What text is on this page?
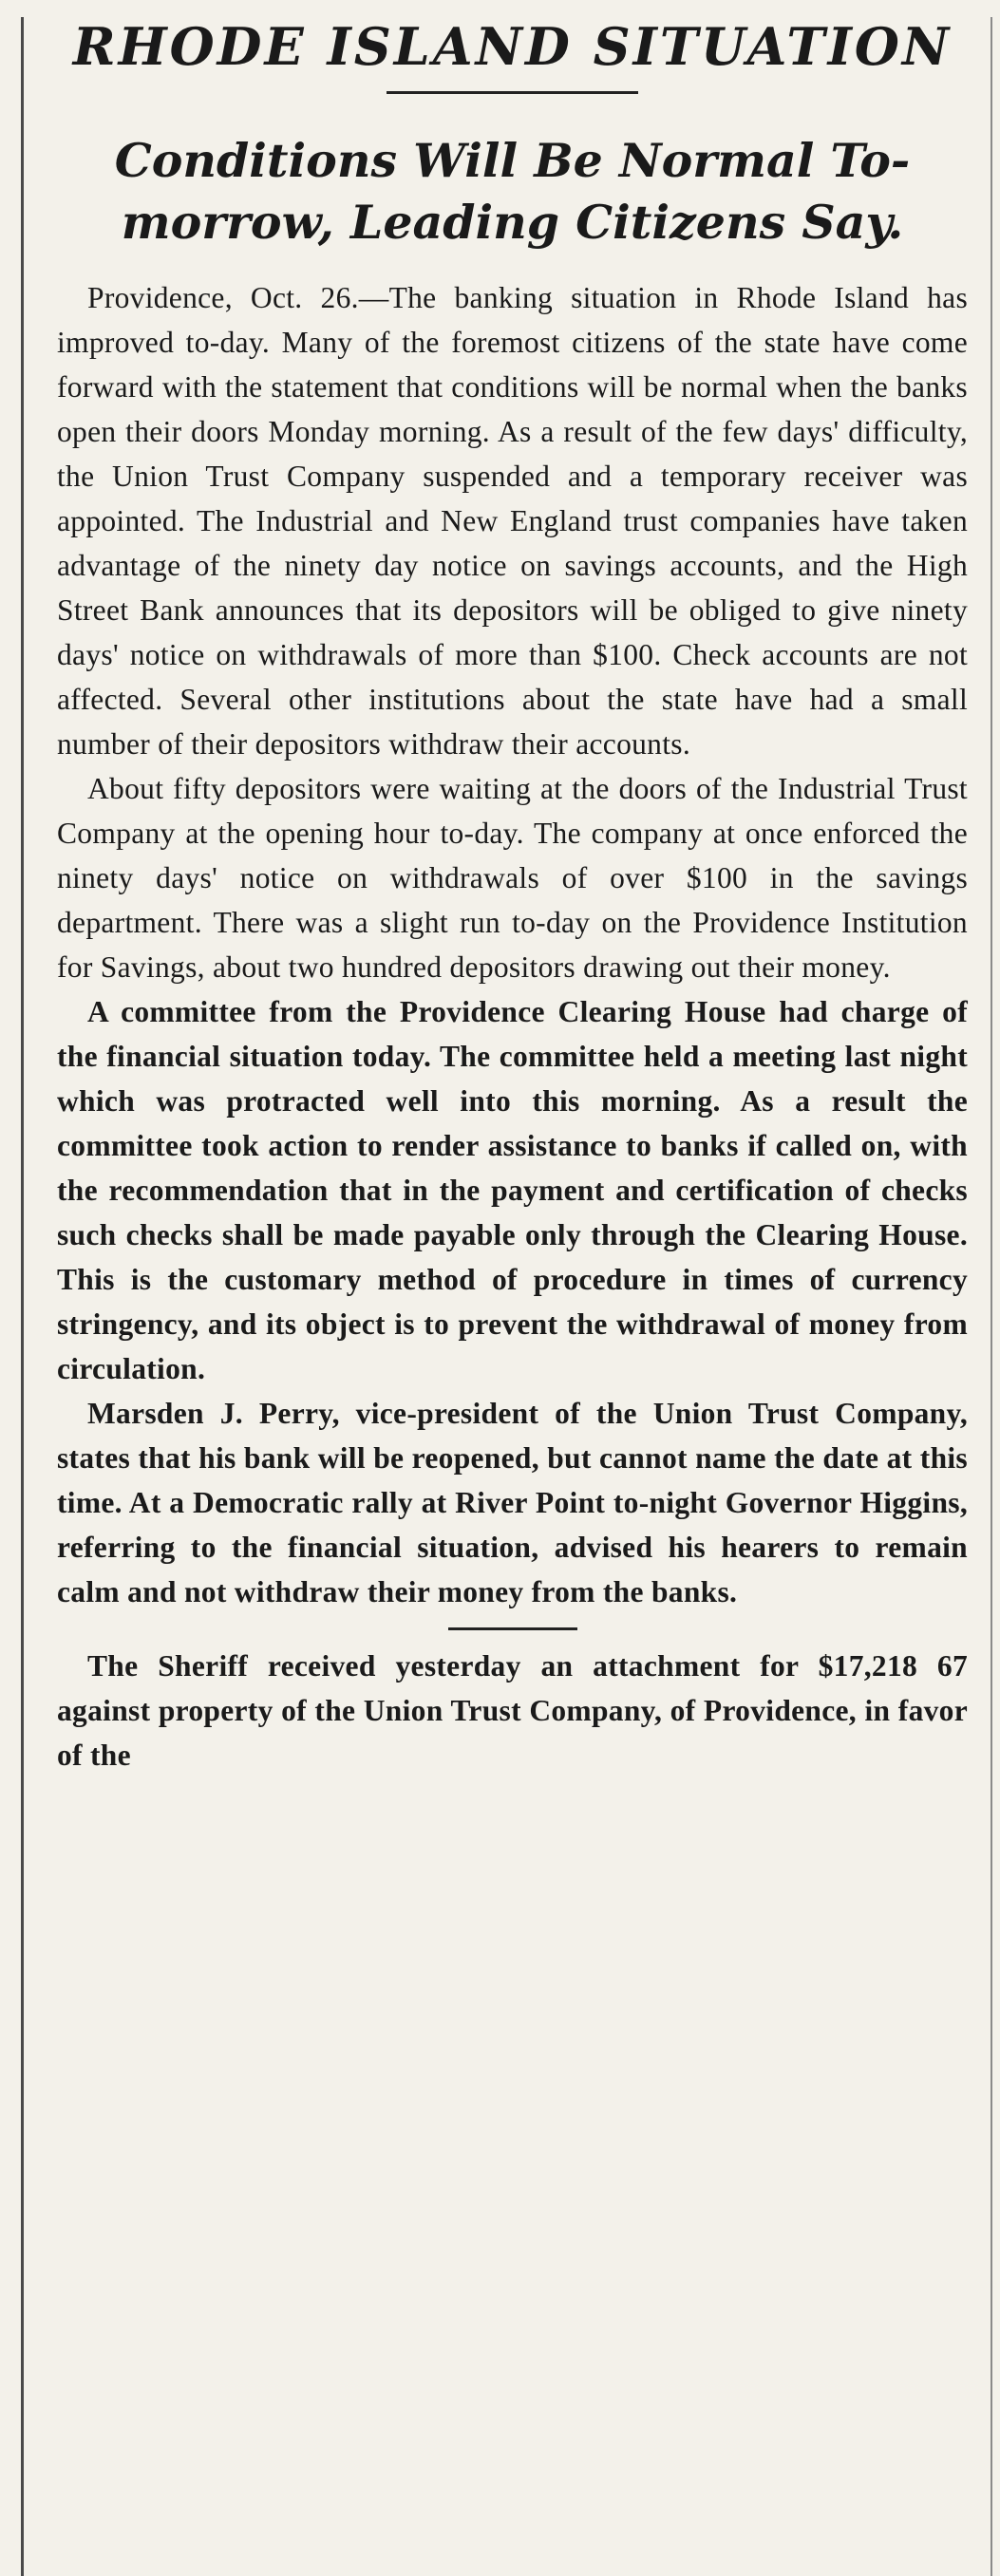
RHODE ISLAND SITUATION
Conditions Will Be Normal To-morrow, Leading Citizens Say.

Providence, Oct. 26.—The banking situation in Rhode Island has improved to-day. Many of the foremost citizens of the state have come forward with the statement that conditions will be normal when the banks open their doors Monday morning. As a result of the few days' difficulty, the Union Trust Company suspended and a temporary receiver was appointed. The Industrial and New England trust companies have taken advantage of the ninety day notice on savings accounts, and the High Street Bank announces that its depositors will be obliged to give ninety days' notice on withdrawals of more than $100. Check accounts are not affected. Several other institutions about the state have had a small number of their depositors withdraw their accounts.

About fifty depositors were waiting at the doors of the Industrial Trust Company at the opening hour to-day. The company at once enforced the ninety days' notice on withdrawals of over $100 in the savings department. There was a slight run to-day on the Providence Institution for Savings, about two hundred depositors drawing out their money.

A committee from the Providence Clearing House had charge of the financial situation today. The committee held a meeting last night which was protracted well into this morning. As a result the committee took action to render assistance to banks if called on, with the recommendation that in the payment and certification of checks such checks shall be made payable only through the Clearing House. This is the customary method of procedure in times of currency stringency, and its object is to prevent the withdrawal of money from circulation.

Marsden J. Perry, vice-president of the Union Trust Company, states that his bank will be reopened, but cannot name the date at this time. At a Democratic rally at River Point to-night Governor Higgins, referring to the financial situation, advised his hearers to remain calm and not withdraw their money from the banks.

The Sheriff received yesterday an attachment for $17,218 67 against property of the Union Trust Company, of Providence, in favor of the
